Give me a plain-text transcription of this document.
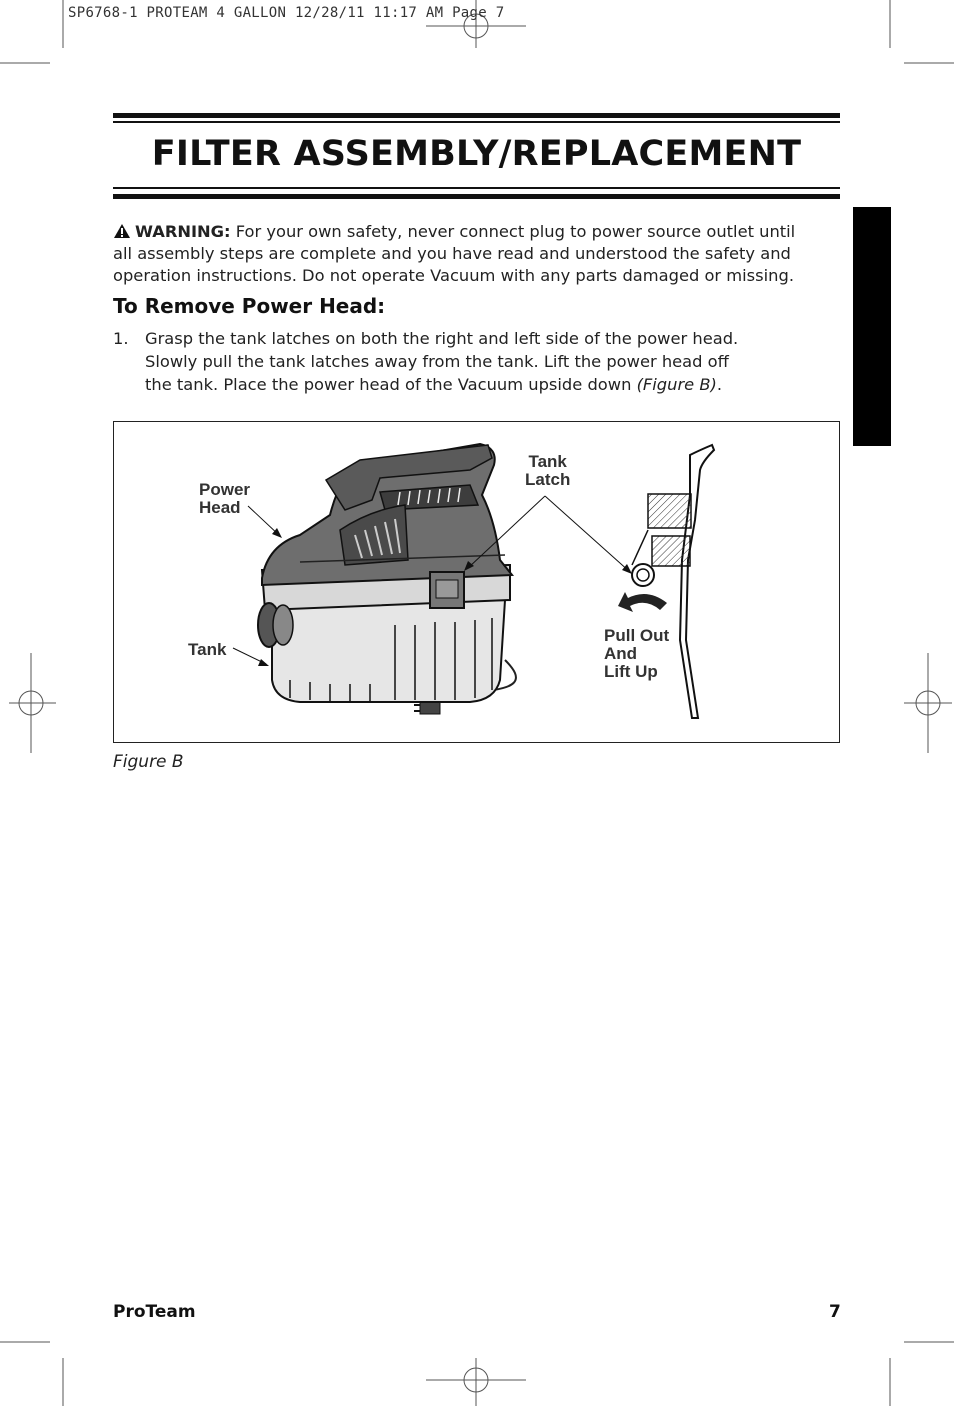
SP6768-1 PROTEAM 4 GALLON 12/28/11 11:17 AM Page 7
FILTER ASSEMBLY/REPLACEMENT
WARNING: For your own safety, never connect plug to power source outlet until
all assembly steps are complete and you have read and understood the safety and
operation instructions. Do not operate Vacuum with any parts damaged or missing.
To Remove Power Head:
1. Grasp the tank latches on both the right and left side of the power head.
Slowly pull the tank latches away from the tank. Lift the power head off
the tank. Place the power head of the Vacuum upside down (Figure B).
Power
Head
Tank
Latch
Tank
Pull Out
And
Lift Up
Figure B
ProTeam	7
